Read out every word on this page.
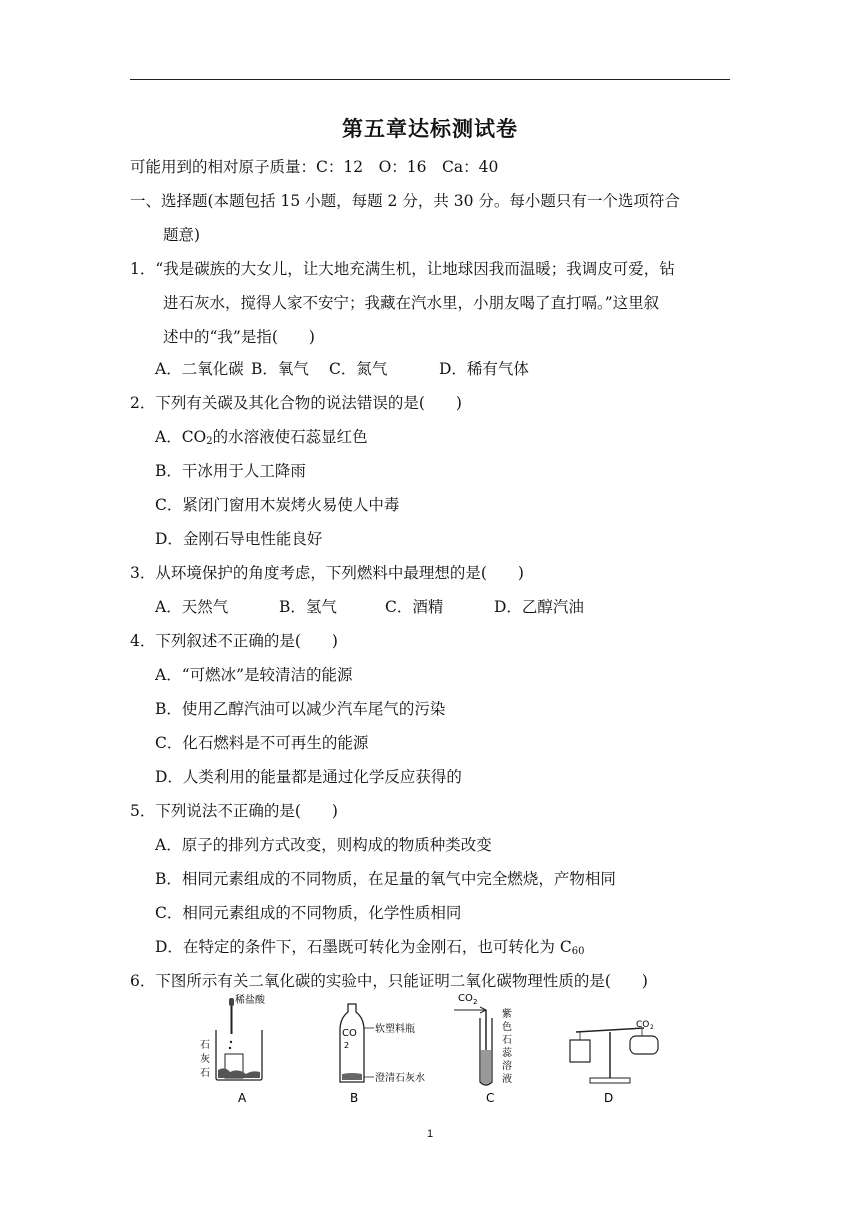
第五章达标测试卷
可能用到的相对原子质量：C：12　O：16　Ca：40
一、选择题(本题包括 15 小题，每题 2 分，共 30 分。每小题只有一个选项符合
题意)
1．“我是碳族的大女儿，让大地充满生机，让地球因我而温暖；我调皮可爱，钻
进石灰水，搅得人家不安宁；我藏在汽水里，小朋友喝了直打嗝。”这里叙
述中的“我”是指(　　)
A．二氧化碳 B．氧气 C．氮气	D．稀有气体
2．下列有关碳及其化合物的说法错误的是(　　)
A．$CO_2$的水溶液使石蕊显红色
B．干冰用于人工降雨
C．紧闭门窗用木炭烤火易使人中毒
D．金刚石导电性能良好
3．从环境保护的角度考虑，下列燃料中最理想的是(　　)
A．天然气	B．氢气	C．酒精	D．乙醇汽油
4．下列叙述不正确的是(　　)
A．“可燃冰”是较清洁的能源
B．使用乙醇汽油可以减少汽车尾气的污染
C．化石燃料是不可再生的能源
D．人类利用的能量都是通过化学反应获得的
5．下列说法不正确的是(　　)
A．原子的排列方式改变，则构成的物质种类改变
B．相同元素组成的不同物质，在足量的氧气中完全燃烧，产物相同
C．相同元素组成的不同物质，化学性质相同
D．在特定的条件下，石墨既可转化为金刚石，也可转化为 $C_{60}$
6．下图所示有关二氧化碳的实验中，只能证明二氧化碳物理性质的是(　　)
稀盐酸
石
灰
石
A
CO
2
软塑料瓶
澄清石灰水
B
CO 2
紫
色
石
蕊
溶
液
C
CO 2
D
1
